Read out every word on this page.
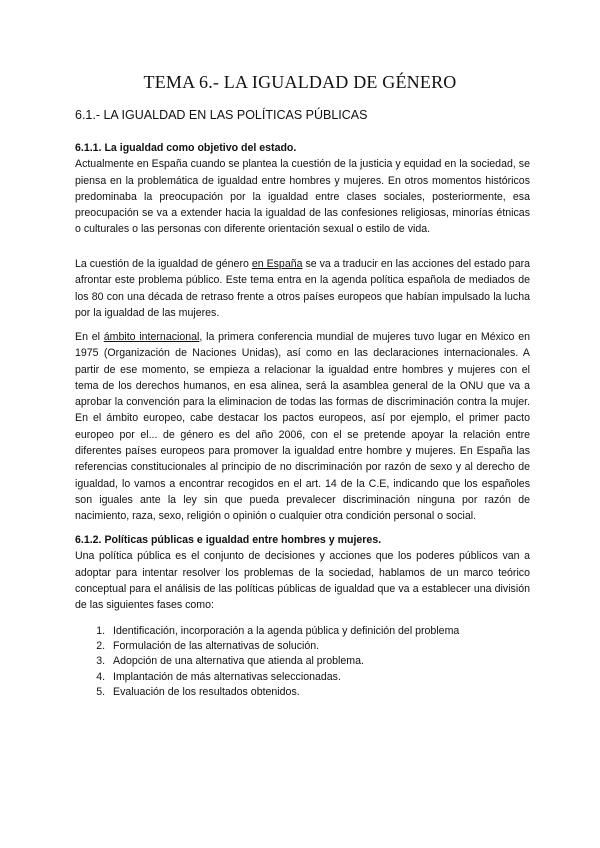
TEMA 6.- LA IGUALDAD DE GÉNERO
6.1.- LA IGUALDAD EN LAS POLÍTICAS PÚBLICAS

6.1.1. La igualdad como objetivo del estado.

Actualmente en España cuando se plantea la cuestión de la justicia y equidad en la sociedad, se piensa en la problemática de igualdad entre hombres y mujeres. En otros momentos históricos predominaba la preocupación por la igualdad entre clases sociales, posteriormente, esa preocupación se va a extender hacia la igualdad de las confesiones religiosas, minorías étnicas o culturales o las personas con diferente orientación sexual o estilo de vida.

La cuestión de la igualdad de género en España se va a traducir en las acciones del estado para afrontar este problema público. Este tema entra en la agenda política española de mediados de los 80 con una década de retraso frente a otros países europeos que habían impulsado la lucha por la igualdad de las mujeres.

En el ámbito internacional, la primera conferencia mundial de mujeres tuvo lugar en México en 1975 (Organización de Naciones Unidas), así como en las declaraciones internacionales. A partir de ese momento, se empieza a relacionar la igualdad entre hombres y mujeres con el tema de los derechos humanos, en esa alinea, será la asamblea general de la ONU que va a aprobar la convención para la eliminacion de todas las formas de discriminación contra la mujer. En el ámbito europeo, cabe destacar los pactos europeos, así por ejemplo, el primer pacto europeo por el... de género es del año 2006, con el se pretende apoyar la relación entre diferentes países europeos para promover la igualdad entre hombre y mujeres. En España las referencias constitucionales al principio de no discriminación por razón de sexo y al derecho de igualdad, lo vamos a encontrar recogidos en el art. 14 de la C.E, indicando que los españoles son iguales ante la ley sin que pueda prevalecer discriminación ninguna por razón de nacimiento, raza, sexo, religión o opinión o cualquier otra condición personal o social.

6.1.2. Políticas públicas e igualdad entre hombres y mujeres.

Una política pública es el conjunto de decisiones y acciones que los poderes públicos van a adoptar para intentar resolver los problemas de la sociedad, hablamos de un marco teórico conceptual para el análisis de las políticas públicas de igualdad que va a establecer una división de las siguientes fases como:

1. Identificación, incorporación a la agenda pública y definición del problema
2. Formulación de las alternativas de solución.
3. Adopción de una alternativa que atienda al problema.
4. Implantación de más alternativas seleccionadas.
5. Evaluación de los resultados obtenidos.
